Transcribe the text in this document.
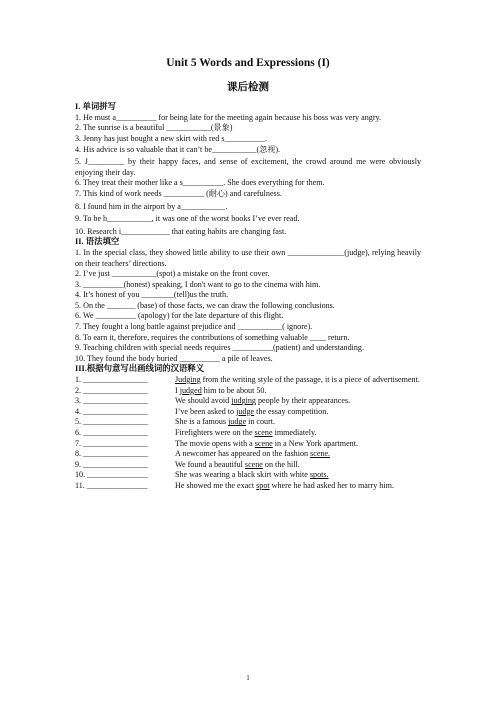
Unit 5 Words and Expressions (I)

课后检测

I. 单词拼写

1. He must a__________ for being late for the meeting again because his boss was very angry.

2. The sunrise is a beautiful ___________(景象)

3. Jenny has just bought a new skirt with red s__________.

4. His advice is so valuable that it can’t be___________(忽视).

5. J_________ by their happy faces, and sense of excitement, the crowd around me were obviously enjoying their day.

6. They treat their mother like a s__________. She does everything for them.

7. This kind of work needs __________ (耐心) and carefulness.

8. I found him in the airport by a___________.

9. To be h___________, it was one of the worst books I’ve ever read.

10. Research i____________ that eating habits are changing fast.

II. 语法填空

1. In the special class, they showed little ability to use their own ______________(judge), relying heavily on their teachers’ directions.

2. I’ve just ___________(spot) a mistake on the front cover.

3. __________(honest) speaking, I don't want to go to the cinema with him.

4. It’s honest of you ________(tell)us the truth.

5. On the _______ (base) of those facts, we can draw the following conclusions.

6. We __________ (apology) for the late departure of this flight.

7. They fought a long battle against prejudice and ___________( ignore).

8. To earn it, therefore, requires the contributions of something valuable ____ return.

9. Teaching children with special needs requires __________(patient) and understanding.

10. They found the body buried __________ a pile of leaves.

III.根据句意写出画线词的汉语释义

1. ________________	Judging from the writing style of the passage, it is a piece of advertisement.
2. ________________	I judged him to be about 50.
3. ________________	We should avoid judging people by their appearances.
4. ________________	I’ve been asked to judge the essay competition.
5. ________________	She is a famous judge in court.
6. ________________	Firefighters were on the scene immediately.
7. ________________	The movie opens with a scene in a New York apartment.
8. ________________	A newcomer has appeared on the fashion scene.
9. ________________	We found a beautiful scene on the hill.
10. _______________	She was wearing a black skirt with white spots.
11. _______________	He showed me the exact spot where he had asked her to marry him.
1
